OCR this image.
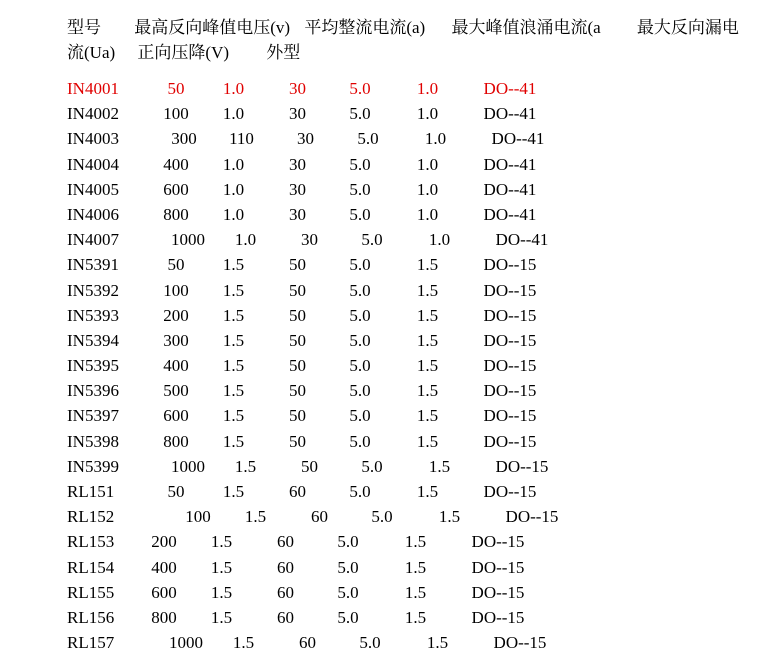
型号 最高反向峰值电压(v) 平均整流电流(a) 最大峰值浪涌电流(a 最大反向漏电
流(Ua) 正向压降(V) 外型
IN4001	50	1.0	30	5.0	1.0	DO--41
IN4002	100	1.0	30	5.0	1.0	DO--41
IN4003	300	110	30	5.0	1.0	DO--41
IN4004	400	1.0	30	5.0	1.0	DO--41
IN4005	600	1.0	30	5.0	1.0	DO--41
IN4006	800	1.0	30	5.0	1.0	DO--41
IN4007	1000	1.0	30	5.0	1.0	DO--41
IN5391	50	1.5	50	5.0	1.5	DO--15
IN5392	100	1.5	50	5.0	1.5	DO--15
IN5393	200	1.5	50	5.0	1.5	DO--15
IN5394	300	1.5	50	5.0	1.5	DO--15
IN5395	400	1.5	50	5.0	1.5	DO--15
IN5396	500	1.5	50	5.0	1.5	DO--15
IN5397	600	1.5	50	5.0	1.5	DO--15
IN5398	800	1.5	50	5.0	1.5	DO--15
IN5399	1000	1.5	50	5.0	1.5	DO--15
RL151	50	1.5	60	5.0	1.5	DO--15
RL152	100	1.5	60	5.0	1.5	DO--15
RL153	200	1.5	60	5.0	1.5	DO--15
RL154	400	1.5	60	5.0	1.5	DO--15
RL155	600	1.5	60	5.0	1.5	DO--15
RL156	800	1.5	60	5.0	1.5	DO--15
RL157	1000	1.5	60	5.0	1.5	DO--15
